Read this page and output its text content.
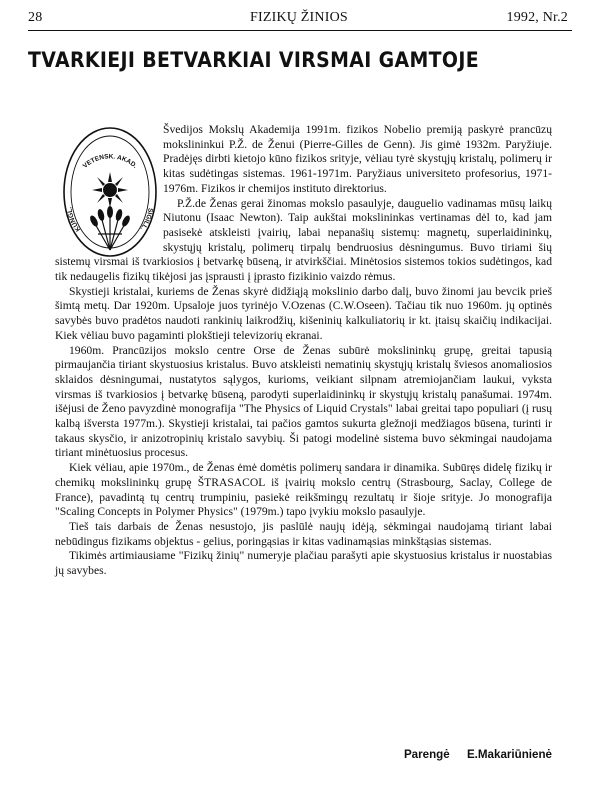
28	FIZIKŲ ŽINIOS	1992, Nr.2
TVARKIEJI BETVARKIAI VIRSMAI GAMTOJE
VETENSK. AKAD.
KUNGL.	SIGILL.

Švedijos Mokslų Akademija 1991m. fizikos Nobelio premiją paskyrė prancūzų mokslininkui P.Ž. de Ženui (Pierre-Gilles de Genn). Jis gimė 1932m. Paryžiuje. Pradėjęs dirbti kietojo kūno fizikos srityje, vėliau tyrė skystųjų kristalų, polimerų ir kitas sudėtingas sistemas. 1961-1971m. Paryžiaus universiteto profesorius, 1971-1976m. Fizikos ir chemijos instituto direktorius.

P.Ž.de Ženas gerai žinomas mokslo pasaulyje, dauguelio vadinamas mūsų laikų Niutonu (Isaac Newton). Taip aukštai mokslininkas vertinamas dėl to, kad jam pasisekė atskleisti įvairių, labai nepanašių sistemų: magnetų, superlaidininkų, skystųjų kristalų, polimerų tirpalų bendruosius dėsningumus. Buvo tiriami šių sistemų virsmai iš tvarkiosios į betvarkę būseną, ir atvirkščiai. Minėtosios sistemos tokios sudėtingos, kad tik nedaugelis fizikų tikėjosi jas įsprausti į įprasto fizikinio vaizdo rėmus.

Skystieji kristalai, kuriems de Ženas skyrė didžiąją mokslinio darbo dalį, buvo žinomi jau bevcik prieš šimtą metų. Dar 1920m. Upsaloje juos tyrinėjo V.Ozenas (C.W.Oseen). Tačiau tik nuo 1960m. jų optinės savybės buvo pradėtos naudoti rankinių laikrodžių, kišeninių kalkuliatorių ir kt. įtaisų skaičių indikacijai. Kiek vėliau buvo pagaminti plokštieji televizorių ekranai.

1960m. Prancūzijos mokslo centre Orse de Ženas subūrė mokslininkų grupę, greitai tapusią pirmaujančia tiriant skystuosius kristalus. Buvo atskleisti nematinių skystųjų kristalų šviesos anomaliosios sklaidos dėsningumai, nustatytos sąlygos, kurioms, veikiant silpnam atremiojančiam laukui, vyksta virsmas iš tvarkiosios į betvarkę būseną, parodyti superlaidininkų ir skystųjų kristalų panašumai. 1974m. išėjusi de Ženo pavyzdinė monografija "The Physics of Liquid Crystals" labai greitai tapo populiari (į rusų kalbą išversta 1977m.). Skystieji kristalai, tai pačios gamtos sukurta gležnoji medžiagos būsena, turinti ir takaus skysčio, ir anizotropinių kristalo savybių. Ši patogi modelinė sistema buvo sėkmingai naudojama tiriant minėtuosius procesus.

Kiek vėliau, apie 1970m., de Ženas ėmė domėtis polimerų sandara ir dinamika. Subūręs didelę fizikų ir chemikų mokslininkų grupę ŠTRASACOL iš įvairių mokslo centrų (Strasbourg, Saclay, College de France), pavadintą tų centrų trumpiniu, pasiekė reikšmingų rezultatų ir šioje srityje. Jo monografija "Scaling Concepts in Polymer Physics" (1979m.) tapo įvykiu mokslo pasaulyje.

Tieš tais darbais de Ženas nesustojo, jis paslūlė naujų idėją, sėkmingai naudojamą tiriant labai nebūdingus fizikams objektus - gelius, poringąsias ir kitas vadinamąsias minkštąsias sistemas.

Tikimės artimiausiame "Fizikų žinių" numeryje plačiau parašyti apie skystuosius kristalus ir nuostabias jų savybes.

Parengė E.Makariūnienė
